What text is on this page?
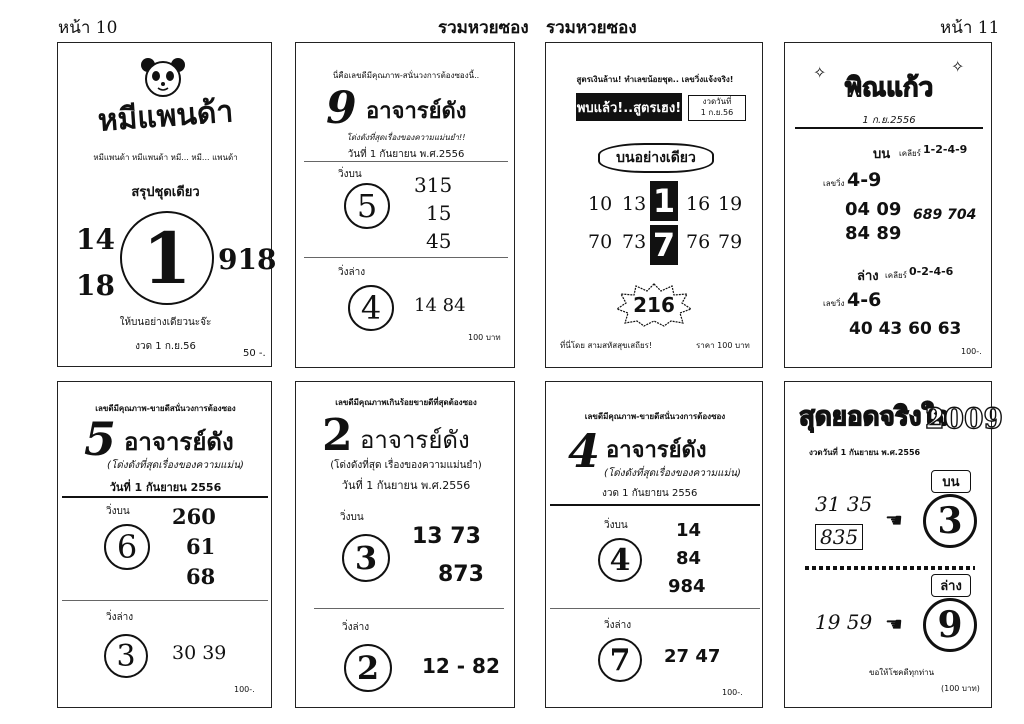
หน้า 10	รวมหวยซอง รวมหวยซอง	หน้า 11
หมีแพนด้า
หมีแพนด้า หมีแพนด้า หมี... หมี... แพนด้า
สรุปชุดเดียว
14
18 1 918
ให้บนอย่างเดียวนะจ๊ะ
งวด 1 ก.ย.56
50 -.
นี่คือเลขดีมีคุณภาพ-สนั่นวงการต้องซองนี้..
9 อาจารย์ดัง
โด่งดังที่สุดเรื่องของความแม่นยำ!!
วันที่ 1 กันยายน พ.ศ.2556
วิ่งบน
5
315
15
45
วิ่งล่าง
4 14 84
100 บาท
สูตรเงินล้าน! ทำเลขน้อยชุด.. เลขวิ่งแจ้งจริง!
พบแล้ว!..สูตรเฮง!	งวดวันที่
1 ก.ย.56
บนอย่างเดียว
10 13 1 16 19
70 73 7 76 79
216
ที่นี่โดย สามสหัสสุขเสถียร!	ราคา 100 บาท
✧	✧
พิณแก้ว
1 ก.ย.2556
บน เคลียร์ 1-2-4-9
เลขวิ่ง 4-9
04 09
84 89
689 704
ล่าง เคลียร์ 0-2-4-6
เลขวิ่ง 4-6
40 43 60 63
100-.
เลขดีมีคุณภาพ-ขายดีสนั่นวงการต้องซอง
5 อาจารย์ดัง
(โด่งดังที่สุดเรื่องของความแม่น)
วันที่ 1 กันยายน 2556
วิ่งบน
6
260
61
68
วิ่งล่าง
3 30 39
100-.
เลขดีมีคุณภาพเกินร้อยขายดีที่สุดต้องซอง
2 อาจารย์ดัง
(โด่งดังที่สุด เรื่องของความแม่นยำ)
วันที่ 1 กันยายน พ.ศ.2556
วิ่งบน
3
13 73
873
วิ่งล่าง
2 12 - 82
เลขดีมีคุณภาพ-ขายดีสนั่นวงการต้องซอง
4 อาจารย์ดัง
(โด่งดังที่สุดเรื่องของความแม่น)
งวด 1 กันยายน 2556
วิ่งบน
4
14
84
984
วิ่งล่าง
7 27 47
100-.
สุดยอดจริงใจ
2009
งวดวันที่ 1 กันยายน พ.ศ.2556
31 35
835
☚
บน
3
ล่าง
19 59 ☚ 9
ขอให้โชคดีทุกท่าน
(100 บาท)
